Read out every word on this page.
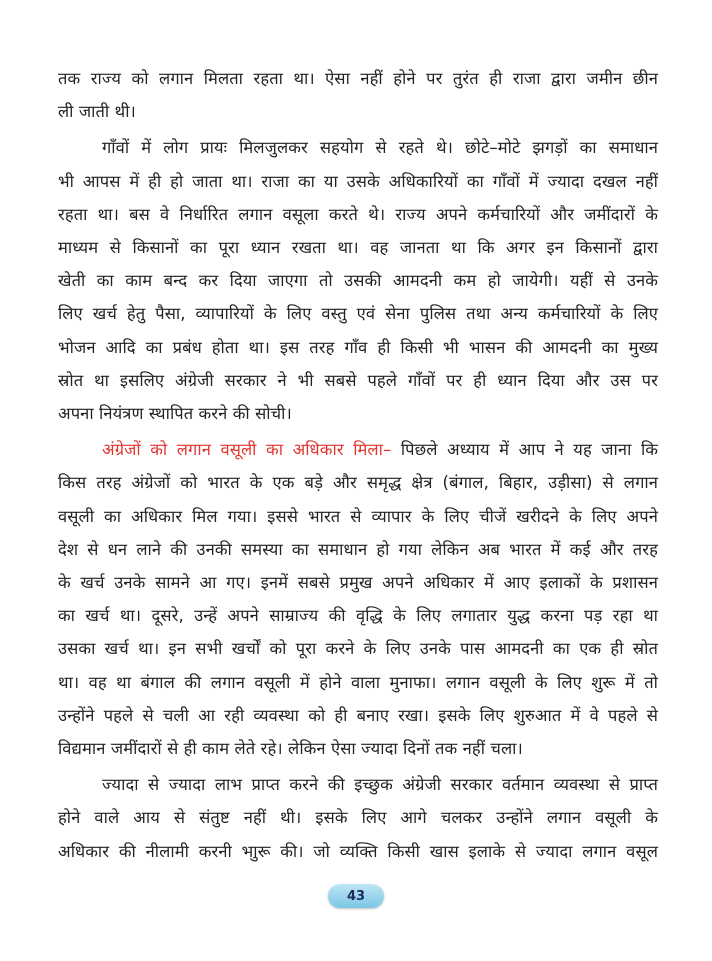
तक राज्य को लगान मिलता रहता था। ऐसा नहीं होने पर तुरंत ही राजा द्वारा जमीन छीन
ली जाती थी।
गाँवों में लोग प्रायः मिलजुलकर सहयोग से रहते थे। छोटे–मोटे झगड़ों का समाधान
भी आपस में ही हो जाता था। राजा का या उसके अधिकारियों का गाँवों में ज्यादा दखल नहीं
रहता था। बस वे निर्धारित लगान वसूला करते थे। राज्य अपने कर्मचारियों और जमींदारों के
माध्यम से किसानों का पूरा ध्यान रखता था। वह जानता था कि अगर इन किसानों द्वारा
खेती का काम बन्द कर दिया जाएगा तो उसकी आमदनी कम हो जायेगी। यहीं से उनके
लिए खर्च हेतु पैसा, व्यापारियों के लिए वस्तु एवं सेना पुलिस तथा अन्य कर्मचारियों के लिए
भोजन आदि का प्रबंध होता था। इस तरह गाँव ही किसी भी भासन की आमदनी का मुख्य
स्रोत था इसलिए अंग्रेजी सरकार ने भी सबसे पहले गाँवों पर ही ध्यान दिया और उस पर
अपना नियंत्रण स्थापित करने की सोची।
अंग्रेजों को लगान वसूली का अधिकार मिला– पिछले अध्याय में आप ने यह जाना कि
किस तरह अंग्रेजों को भारत के एक बड़े और समृद्ध क्षेत्र (बंगाल, बिहार, उड़ीसा) से लगान
वसूली का अधिकार मिल गया। इससे भारत से व्यापार के लिए चीजें खरीदने के लिए अपने
देश से धन लाने की उनकी समस्या का समाधान हो गया लेकिन अब भारत में कई और तरह
के खर्च उनके सामने आ गए। इनमें सबसे प्रमुख अपने अधिकार में आए इलाकों के प्रशासन
का खर्च था। दूसरे, उन्हें अपने साम्राज्य की वृद्धि के लिए लगातार युद्ध करना पड़ रहा था
उसका खर्च था। इन सभी खर्चों को पूरा करने के लिए उनके पास आमदनी का एक ही स्रोत
था। वह था बंगाल की लगान वसूली में होने वाला मुनाफा। लगान वसूली के लिए शुरू में तो
उन्होंने पहले से चली आ रही व्यवस्था को ही बनाए रखा। इसके लिए शुरुआत में वे पहले से
विद्यमान जमींदारों से ही काम लेते रहे। लेकिन ऐसा ज्यादा दिनों तक नहीं चला।
ज्यादा से ज्यादा लाभ प्राप्त करने की इच्छुक अंग्रेजी सरकार वर्तमान व्यवस्था से प्राप्त
होने वाले आय से संतुष्ट नहीं थी। इसके लिए आगे चलकर उन्होंने लगान वसूली के
अधिकार की नीलामी करनी भाुरू की। जो व्यक्ति किसी खास इलाके से ज्यादा लगान वसूल
43
